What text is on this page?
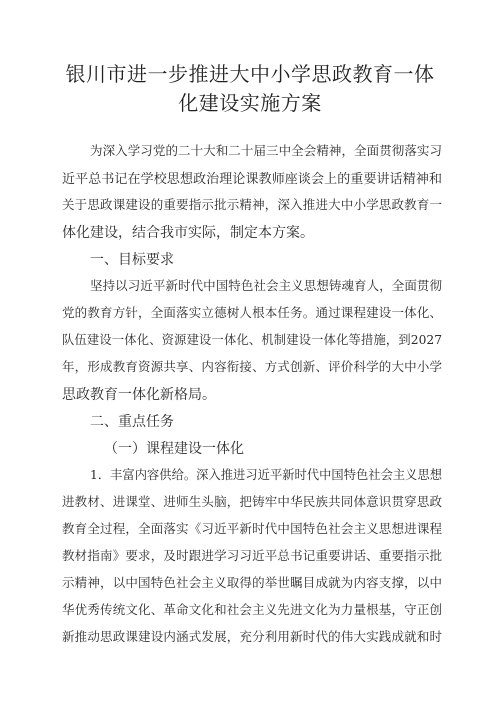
银川市进一步推进大中小学思政教育一体
化建设实施方案
为深入学习党的二十大和二十届三中全会精神，全面贯彻落实习
近平总书记在学校思想政治理论课教师座谈会上的重要讲话精神和
关于思政课建设的重要指示批示精神，深入推进大中小学思政教育一
体化建设，结合我市实际，制定本方案。
一、目标要求
坚持以习近平新时代中国特色社会主义思想铸魂育人，全面贯彻
党的教育方针，全面落实立德树人根本任务。通过课程建设一体化、
队伍建设一体化、资源建设一体化、机制建设一体化等措施，到2027
年，形成教育资源共享、内容衔接、方式创新、评价科学的大中小学
思政教育一体化新格局。
二、重点任务
（一）课程建设一体化
1．丰富内容供给。深入推进习近平新时代中国特色社会主义思想
进教材、进课堂、进师生头脑，把铸牢中华民族共同体意识贯穿思政
教育全过程，全面落实《习近平新时代中国特色社会主义思想进课程
教材指南》要求，及时跟进学习习近平总书记重要讲话、重要指示批
示精神，以中国特色社会主义取得的举世瞩目成就为内容支撑，以中
华优秀传统文化、革命文化和社会主义先进文化为力量根基，守正创
新推动思政课建设内涵式发展，充分利用新时代的伟大实践成就和时
